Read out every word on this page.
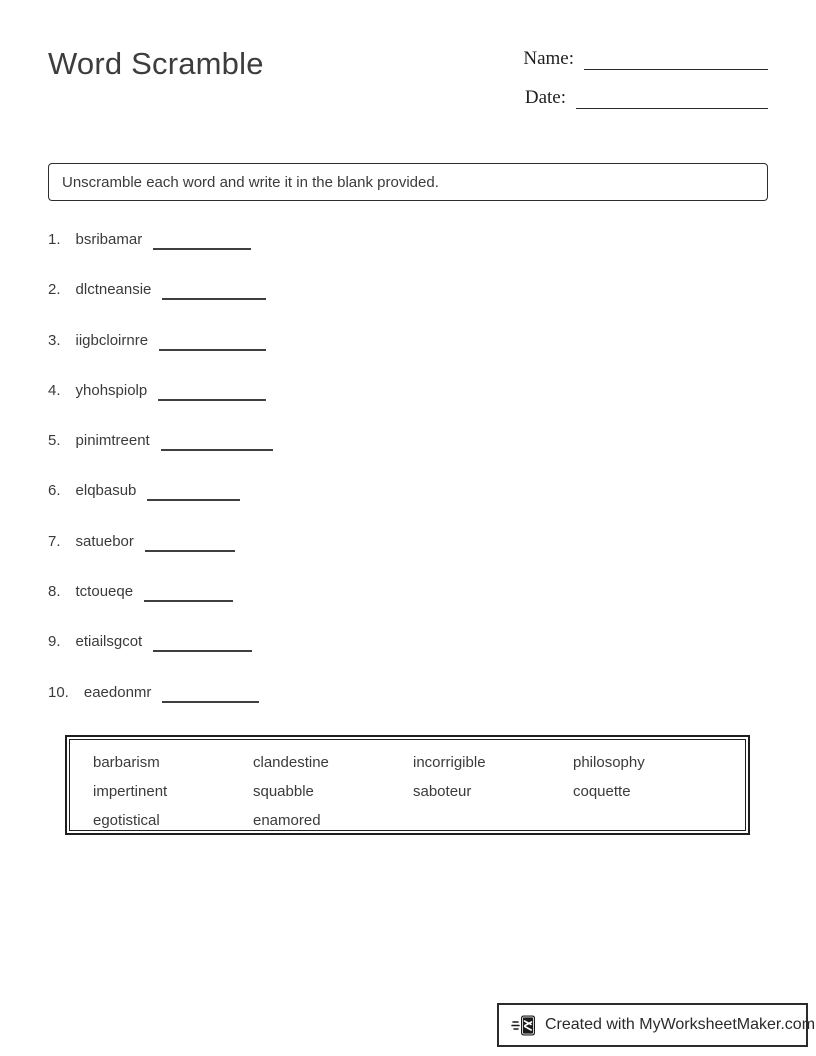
Word Scramble	Name:
Date:
Unscramble each word and write it in the blank provided.
1. bsribamar
2. dlctneansie
3. iigbcloirnre
4. yhohspiolp
5. pinimtreent
6. elqbasub
7. satuebor
8. tctoueqe
9. etiailsgcot
10. eaedonmr
barbarism	clandestine	incorrigible	philosophy
impertinent	squabble	saboteur	coquette
egotistical	enamored
Created with MyWorksheetMaker.com
